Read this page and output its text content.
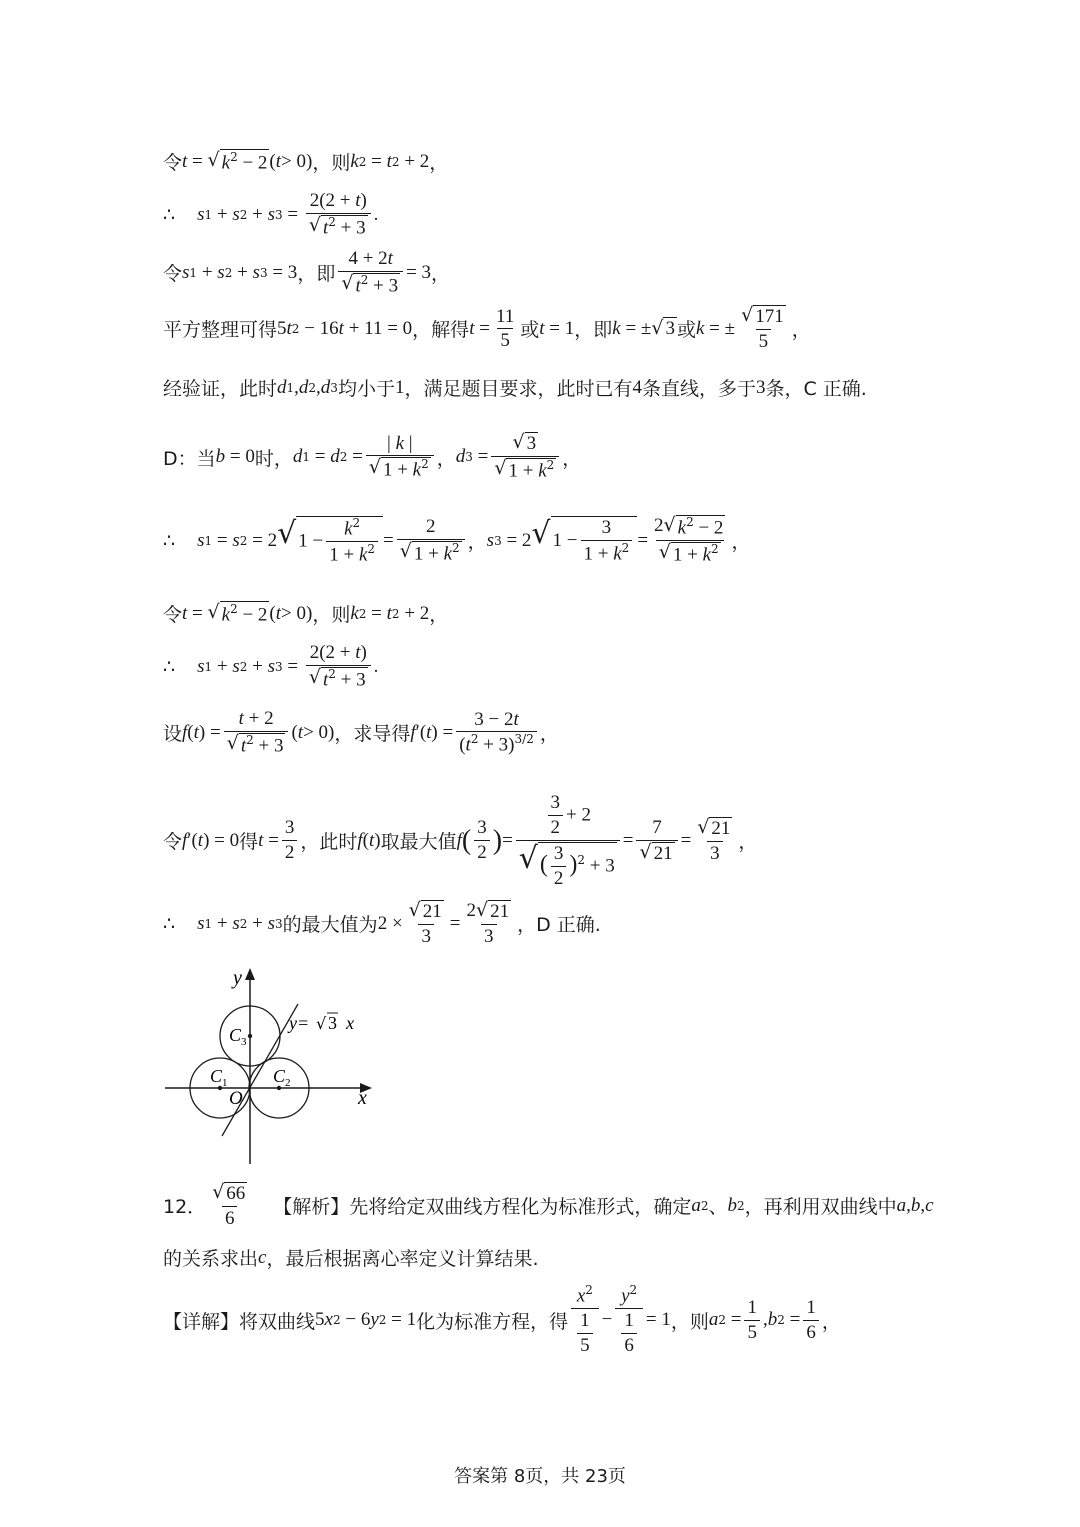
令 t = √ $k^2 - 2$ ( t > 0) ，则 k 2 = t 2 + 2 ，
∴ s 1 + s 2 + s $3 = \frac{2(2 + t)}{√ t^2 + 3}$ .
令 s 1 + s 2 + s 3 = 3 ，即 $\frac{4 + 2t}{√ t^2 + 3} = 3$ ，
平方整理可得 5 t 2 − 16 t + 11 = 0 ，解得 $t = \frac{11}{5}$ 或 t = 1 ，即 k = ± √ 3 或 k = ± $\frac{√ 171}{5}$ ，
经验证，此时 d 1 , d 2 , d 3 均小于 1 ，满足题目要求，此时已有 4 条直线，多于 3 条，C 正确.
D：当 b = 0 时， d 1 = d $2 = \frac{| k |}{√ 1 + k^2}$ ， d $3 = \frac{√ 3}{√ 1 + k^2}$ ，
∴ s 1 = s 2 = 2 √ $1 - \frac{k^2}{1 + k^2} = \frac{2}{√ 1 + k^2}$ ， s 3 = 2 √ $1 - \frac{3}{1 + k^2} = \frac{2 √ k^2 - 2}{√ 1 + k^2}$ ，
令 t = √ $k^2 - 2$ ( t > 0) ，则 k 2 = t 2 + 2 ，
∴ s 1 + s 2 + s $3 = \frac{2(2 + t)}{√ t^2 + 3}$ .
设 f ( t ) = $\frac{t + 2}{√ t^2 + 3}$ ( t > 0) ，求导得 f ′( t ) = $\frac{3 - 2t}{(t^2 + 3)^{3/2}}$ ，
令 f ′( t ) = 0 得 $t = \frac{3}{2}$ ，此时 f ( t ) 取最大值 f ( $\frac{3}{2}$ ) = $\frac{\frac{3}{2} + 2}{√ ( \frac{3}{2} )^2 + 3} = \frac{7}{√ 21} = \frac{√ 21}{3}$ ，
∴ s 1 + s 2 + s 3 的最大值为 $2 \times \frac{√ 21}{3} = \frac{2 √ 21}{3}$ ，D 正确.
y
x
O
C 1	C 2
C 3
y= √ 3 x
12． $\frac{√ 66}{6}$ 【解析】 先将给定双曲线方程化为标准形式，确定 a 2 、 b 2 ，再利用双曲线中 a , b , c
的关系求出 c ，最后根据离心率定义计算结果.
【详解】 将双曲线 5 x 2 − 6 y 2 = 1 化为标准方程，得 $\frac{x^2}{\frac{1}{5}} - \frac{y^2}{\frac{1}{6}} = 1$ ，则 a $2 = \frac{1}{5}$ , b $2 = \frac{1}{6}$ ，
答案第 8页，共 23页
